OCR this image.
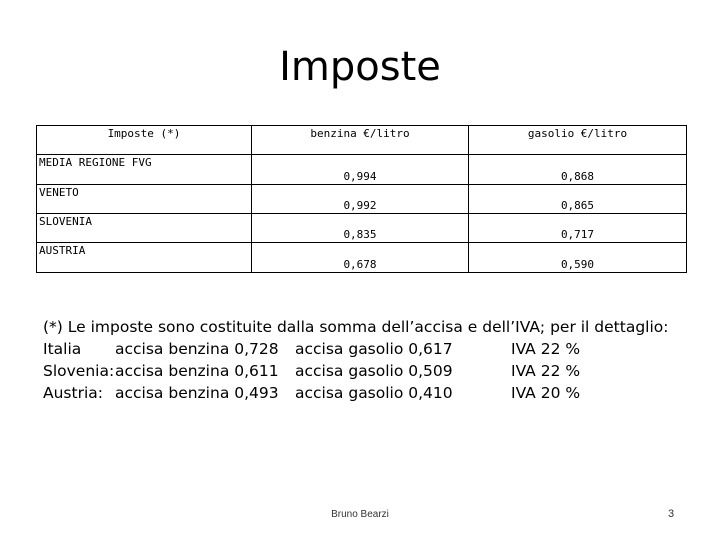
Imposte
Imposte (*)	benzina €/litro	gasolio €/litro
MEDIA REGIONE FVG	0,994	0,868
VENETO	0,992	0,865
SLOVENIA	0,835	0,717
AUSTRIA	0,678	0,590
(*) Le imposte sono costituite dalla somma dell’accisa e dell’IVA; per il dettaglio:
Italia accisa benzina 0,728 accisa gasolio 0,617	IVA 22 %
Slovenia: accisa benzina 0,611 accisa gasolio 0,509	IVA 22 %
Austria: accisa benzina 0,493 accisa gasolio 0,410	IVA 20 %
Bruno Bearzi	3
